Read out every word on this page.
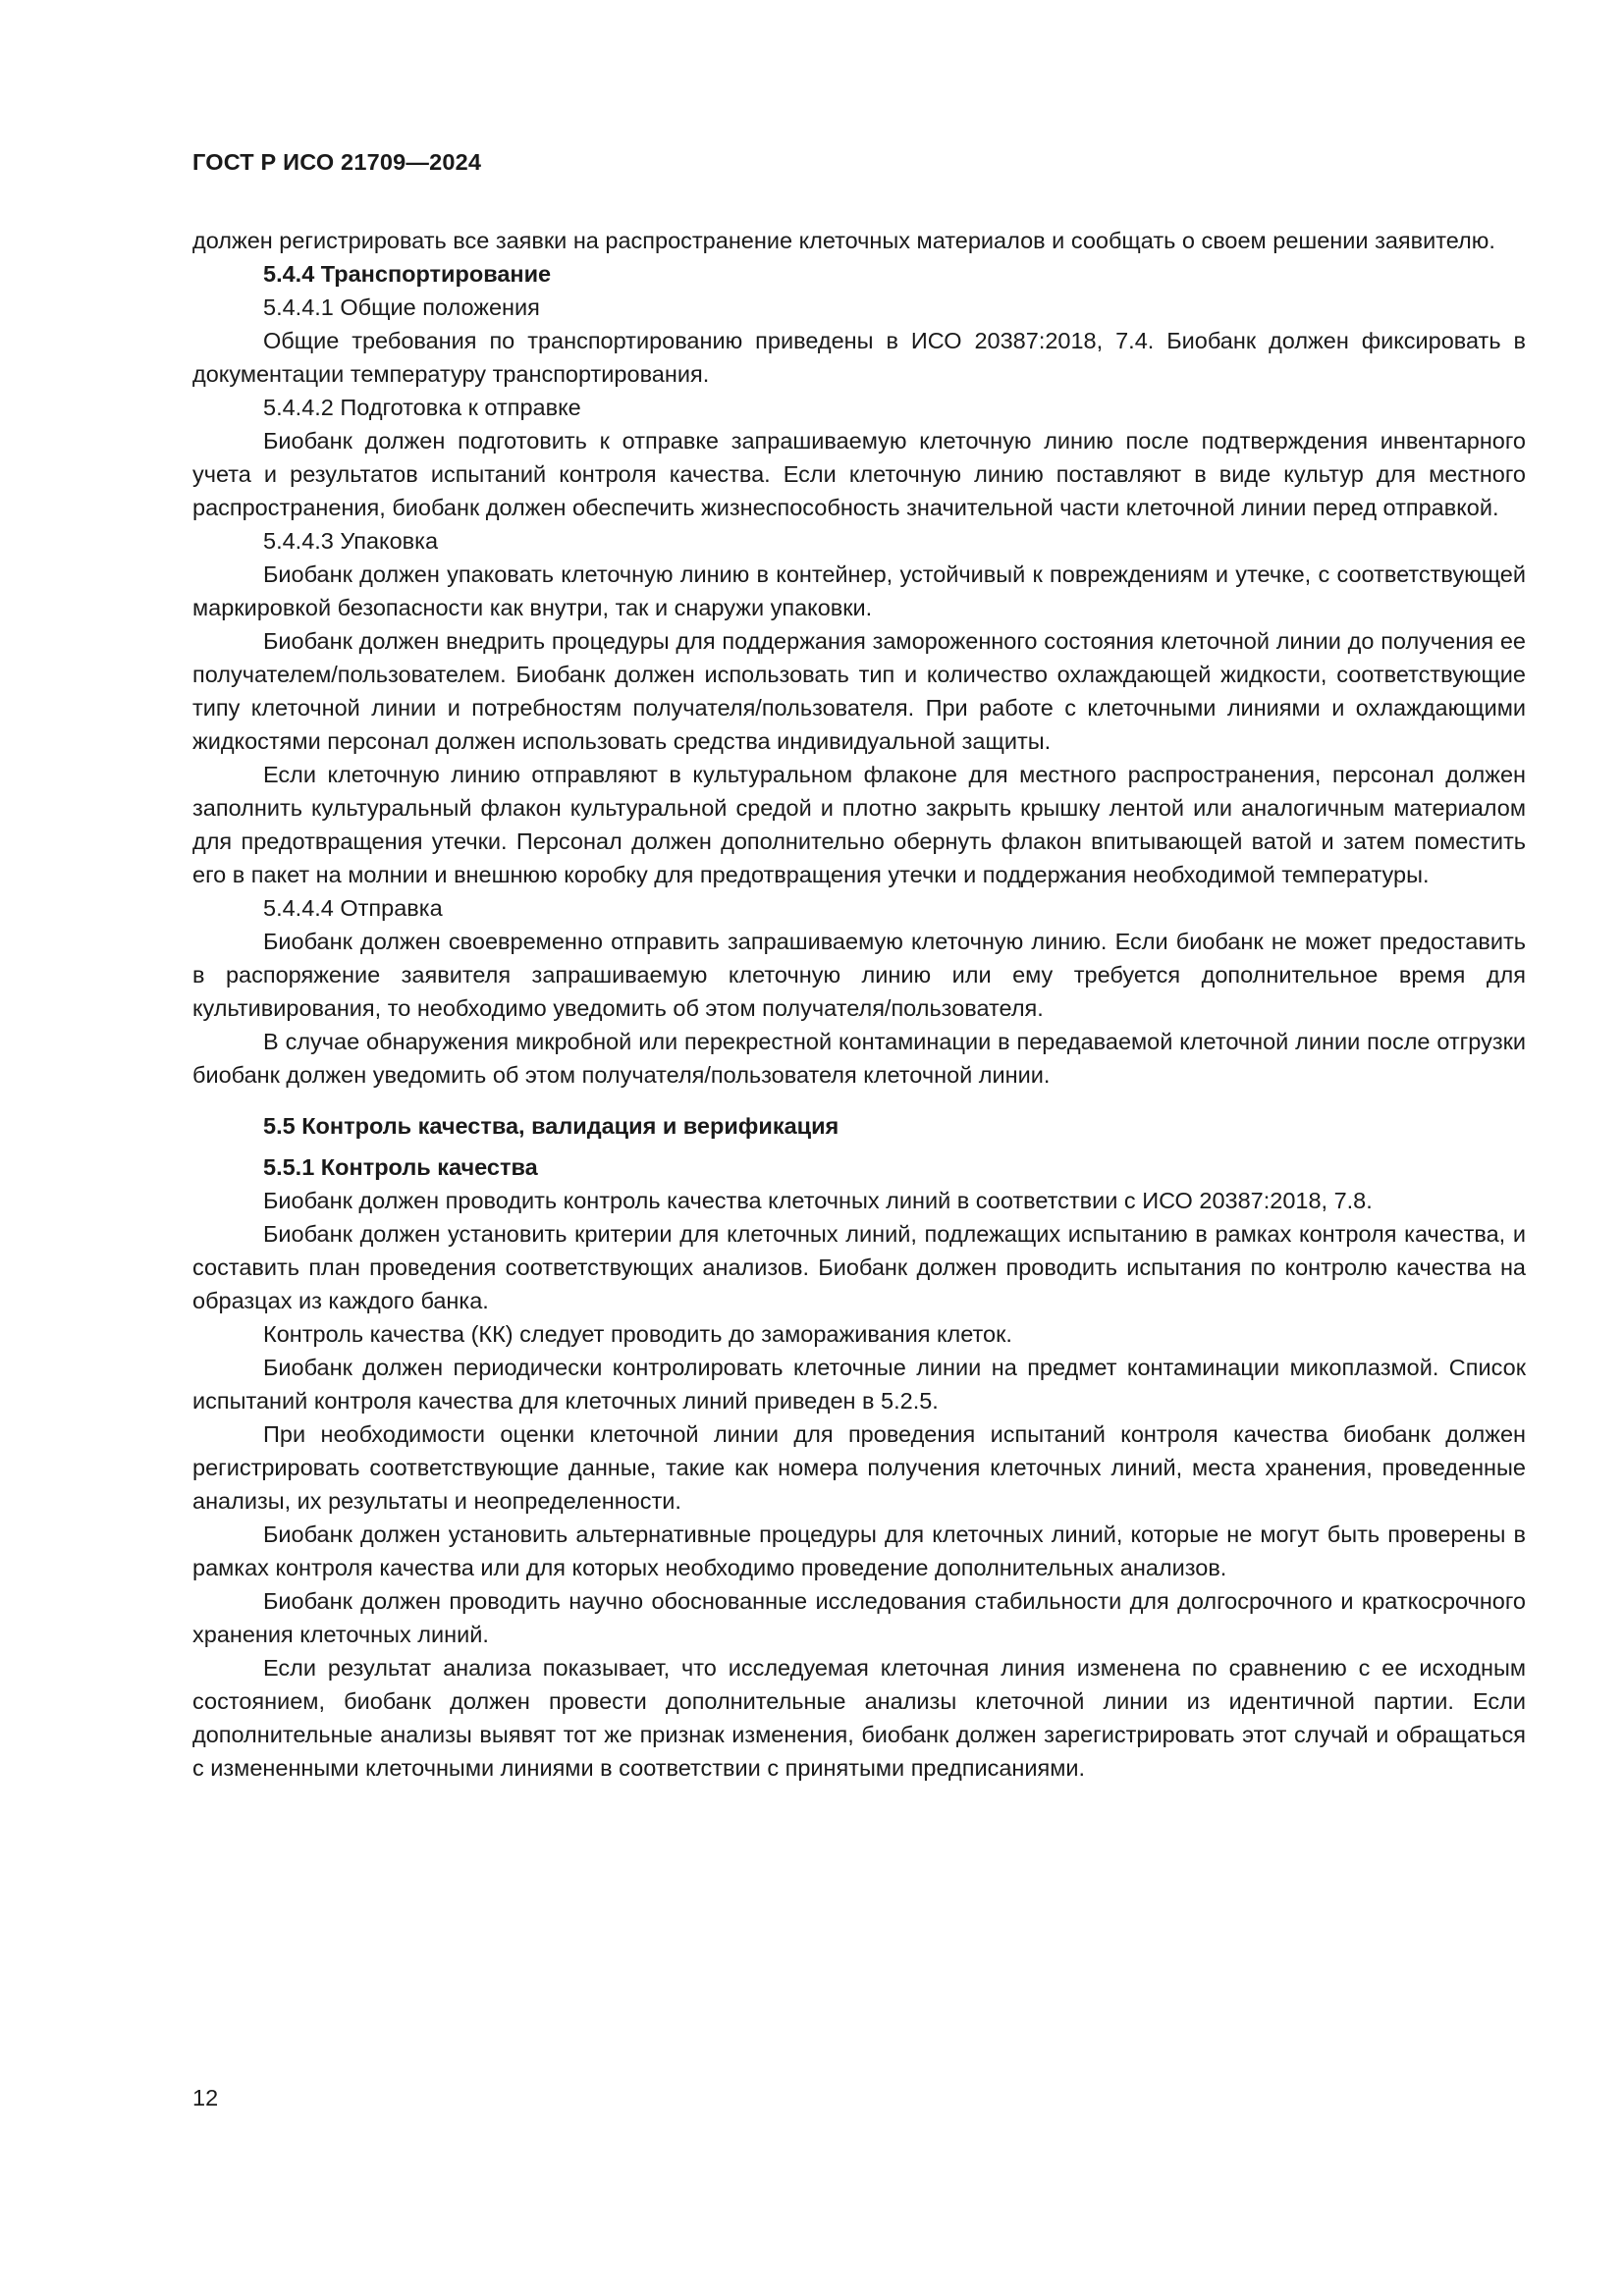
ГОСТ Р ИСО 21709—2024

должен регистрировать все заявки на распространение клеточных материалов и сообщать о своем решении заявителю.

5.4.4 Транспортирование

5.4.4.1 Общие положения

Общие требования по транспортированию приведены в ИСО 20387:2018, 7.4. Биобанк должен фиксировать в документации температуру транспортирования.

5.4.4.2 Подготовка к отправке

Биобанк должен подготовить к отправке запрашиваемую клеточную линию после подтверждения инвентарного учета и результатов испытаний контроля качества. Если клеточную линию поставляют в виде культур для местного распространения, биобанк должен обеспечить жизнеспособность значительной части клеточной линии перед отправкой.

5.4.4.3 Упаковка

Биобанк должен упаковать клеточную линию в контейнер, устойчивый к повреждениям и утечке, с соответствующей маркировкой безопасности как внутри, так и снаружи упаковки.

Биобанк должен внедрить процедуры для поддержания замороженного состояния клеточной линии до получения ее получателем/пользователем. Биобанк должен использовать тип и количество охлаждающей жидкости, соответствующие типу клеточной линии и потребностям получателя/пользователя. При работе с клеточными линиями и охлаждающими жидкостями персонал должен использовать средства индивидуальной защиты.

Если клеточную линию отправляют в культуральном флаконе для местного распространения, персонал должен заполнить культуральный флакон культуральной средой и плотно закрыть крышку лентой или аналогичным материалом для предотвращения утечки. Персонал должен дополнительно обернуть флакон впитывающей ватой и затем поместить его в пакет на молнии и внешнюю коробку для предотвращения утечки и поддержания необходимой температуры.

5.4.4.4 Отправка

Биобанк должен своевременно отправить запрашиваемую клеточную линию. Если биобанк не может предоставить в распоряжение заявителя запрашиваемую клеточную линию или ему требуется дополнительное время для культивирования, то необходимо уведомить об этом получателя/пользователя.

В случае обнаружения микробной или перекрестной контаминации в передаваемой клеточной линии после отгрузки биобанк должен уведомить об этом получателя/пользователя клеточной линии.

5.5 Контроль качества, валидация и верификация

5.5.1 Контроль качества

Биобанк должен проводить контроль качества клеточных линий в соответствии с ИСО 20387:2018, 7.8.

Биобанк должен установить критерии для клеточных линий, подлежащих испытанию в рамках контроля качества, и составить план проведения соответствующих анализов. Биобанк должен проводить испытания по контролю качества на образцах из каждого банка.

Контроль качества (КК) следует проводить до замораживания клеток.

Биобанк должен периодически контролировать клеточные линии на предмет контаминации микоплазмой. Список испытаний контроля качества для клеточных линий приведен в 5.2.5.

При необходимости оценки клеточной линии для проведения испытаний контроля качества биобанк должен регистрировать соответствующие данные, такие как номера получения клеточных линий, места хранения, проведенные анализы, их результаты и неопределенности.

Биобанк должен установить альтернативные процедуры для клеточных линий, которые не могут быть проверены в рамках контроля качества или для которых необходимо проведение дополнительных анализов.

Биобанк должен проводить научно обоснованные исследования стабильности для долгосрочного и краткосрочного хранения клеточных линий.

Если результат анализа показывает, что исследуемая клеточная линия изменена по сравнению с ее исходным состоянием, биобанк должен провести дополнительные анализы клеточной линии из идентичной партии. Если дополнительные анализы выявят тот же признак изменения, биобанк должен зарегистрировать этот случай и обращаться с измененными клеточными линиями в соответствии с принятыми предписаниями.

12
